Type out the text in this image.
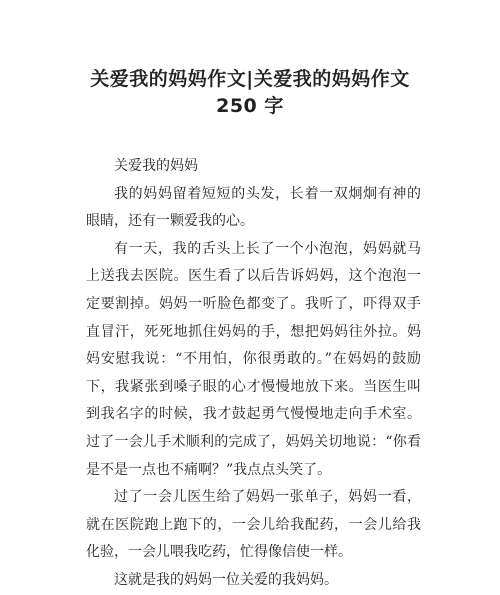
关爱我的妈妈作文|关爱我的妈妈作文
250 字

关爱我的妈妈

我的妈妈留着短短的头发，长着一双炯炯有神的眼睛，还有一颗爱我的心。

有一天，我的舌头上长了一个小泡泡，妈妈就马上送我去医院。医生看了以后告诉妈妈，这个泡泡一定要割掉。妈妈一听脸色都变了。我听了，吓得双手直冒汗，死死地抓住妈妈的手，想把妈妈往外拉。妈妈安慰我说：“不用怕，你很勇敢的。”在妈妈的鼓励下，我紧张到嗓子眼的心才慢慢地放下来。当医生叫到我名字的时候，我才鼓起勇气慢慢地走向手术室。过了一会儿手术顺利的完成了，妈妈关切地说：“你看是不是一点也不痛啊？”我点点头笑了。

过了一会儿医生给了妈妈一张单子，妈妈一看，就在医院跑上跑下的，一会儿给我配药，一会儿给我化验，一会儿喂我吃药，忙得像信使一样。

这就是我的妈妈一位关爱的我妈妈。
